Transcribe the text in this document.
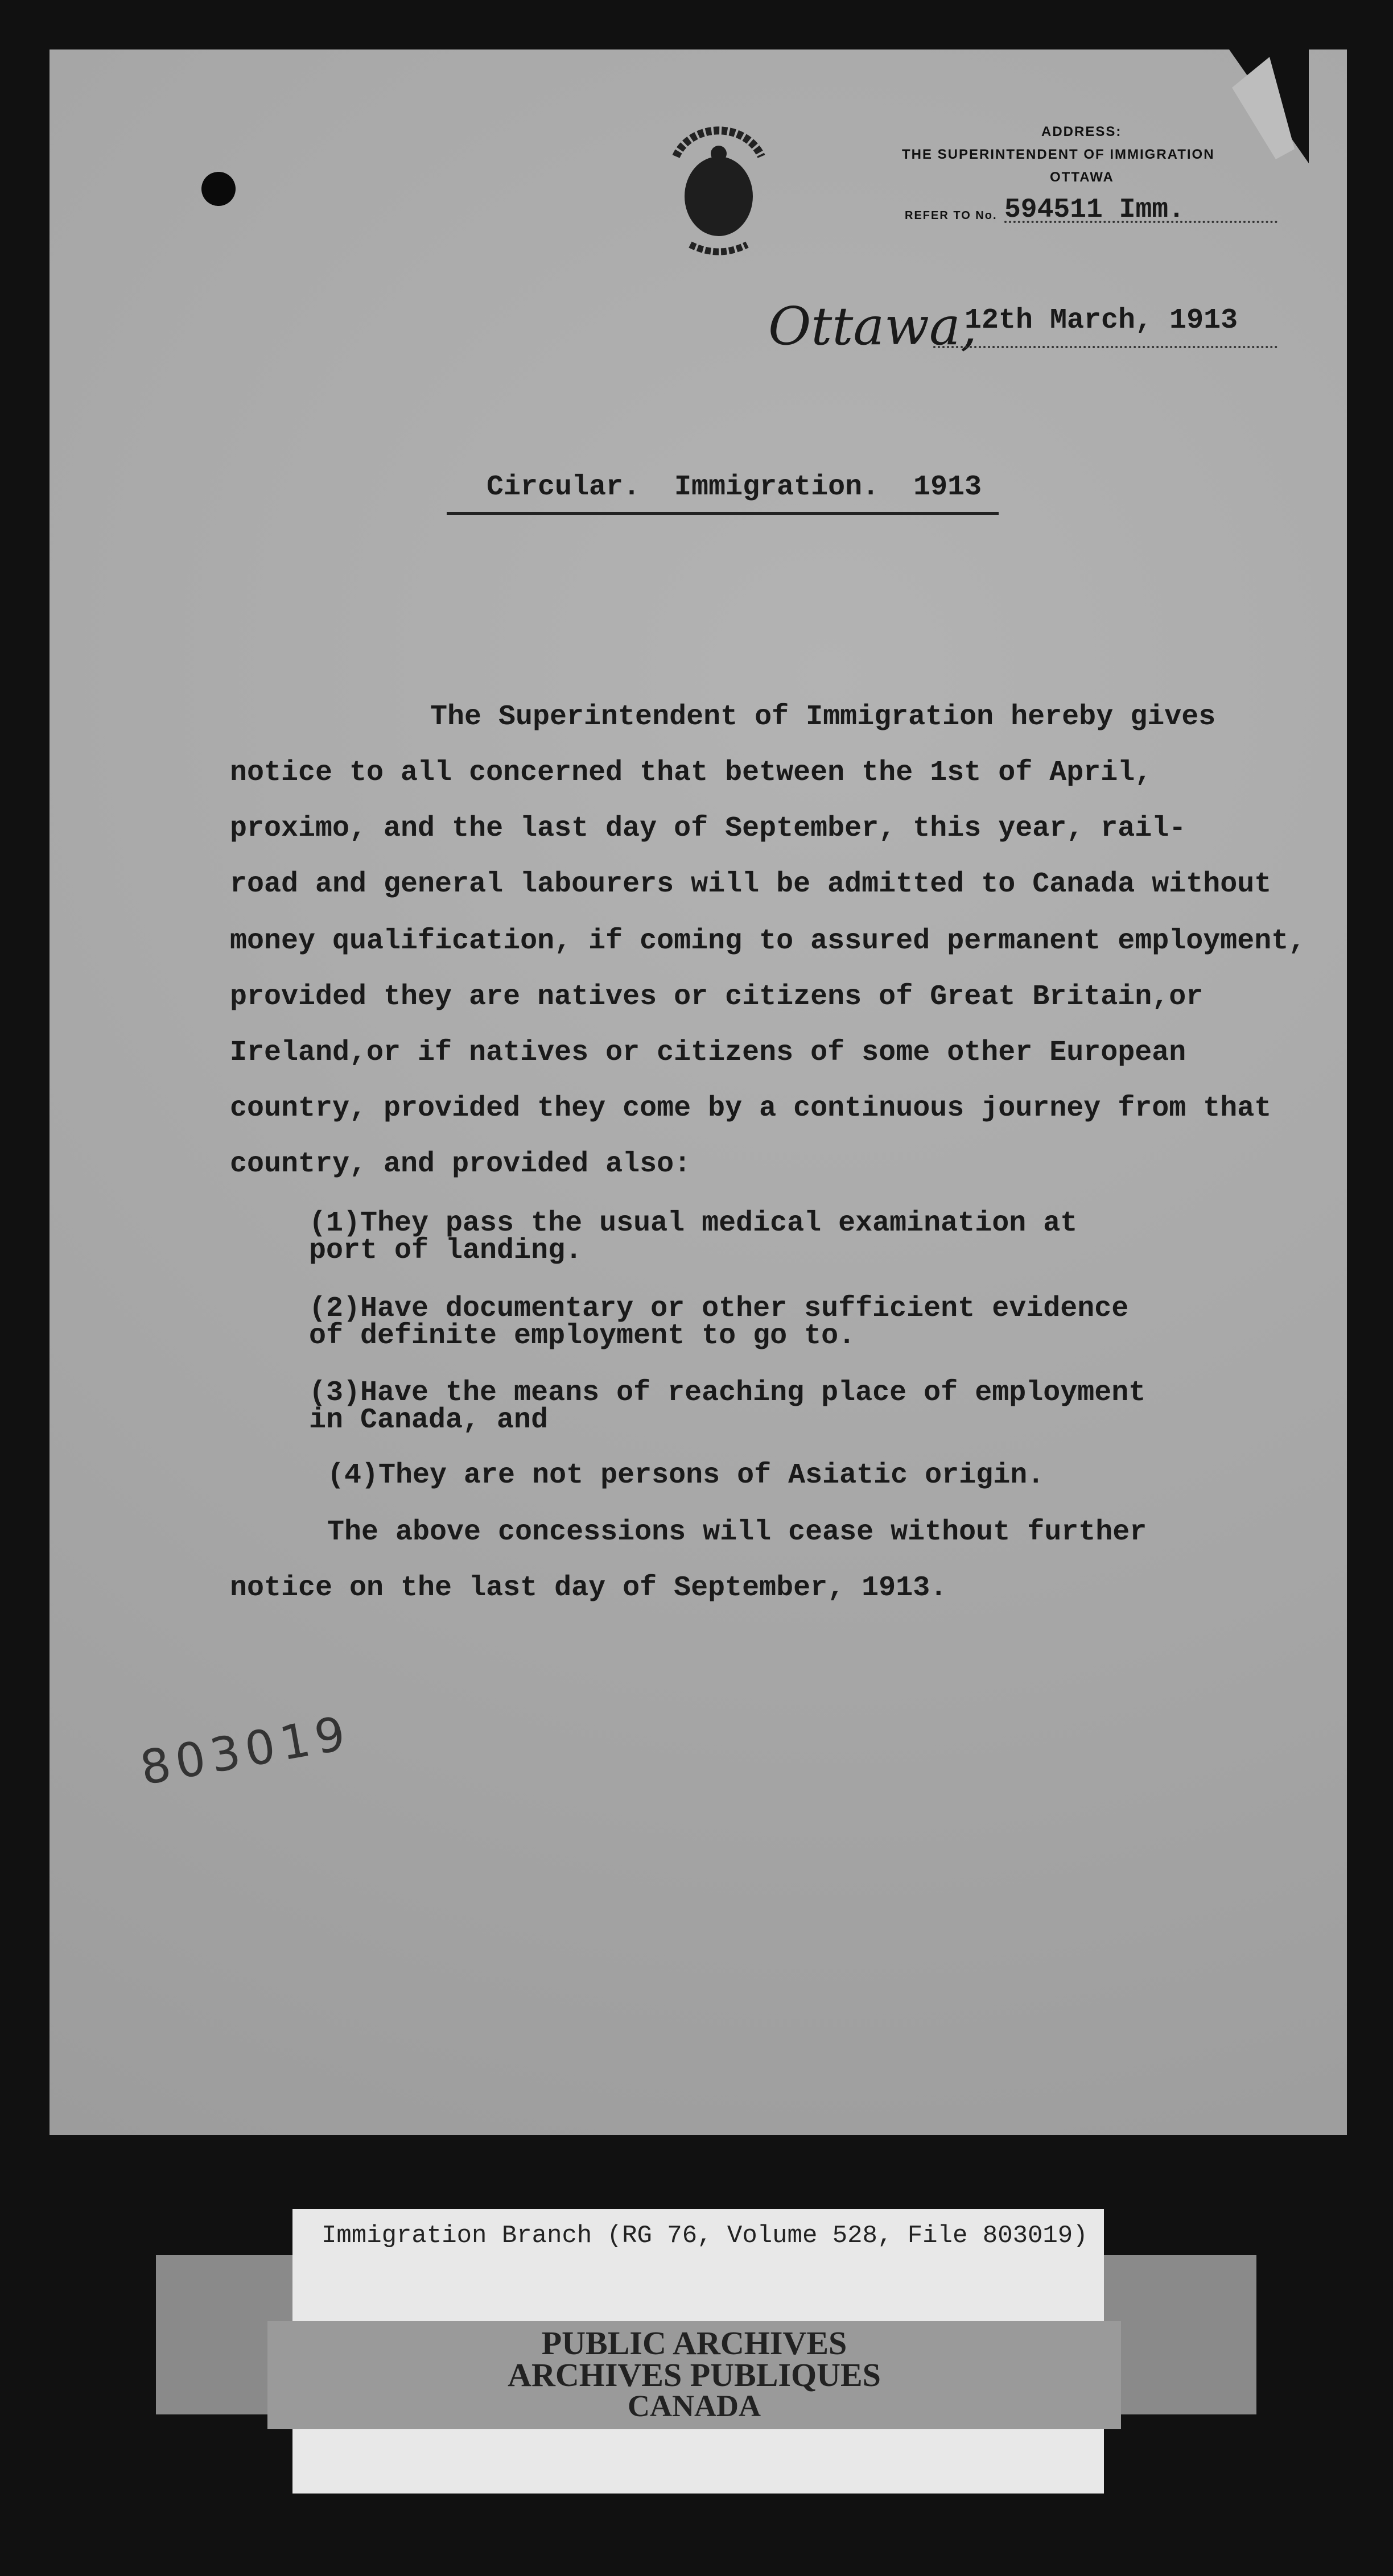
ADDRESS:
THE SUPERINTENDENT OF IMMIGRATION
OTTAWA
REFER TO No. 594511 Imm.
Ottawa,
12th March, 1913
Circular.  Immigration.  1913
The Superintendent of Immigration hereby gives
notice to all concerned that between the 1st of April,
proximo, and the last day of September, this year, rail-
road and general labourers will be admitted to Canada without
money qualification, if coming to assured permanent employment,
provided they are natives or citizens of Great Britain,or
Ireland,or if natives or citizens of some other European
country, provided they come by a continuous journey from that
country, and provided also:
(1)They pass the usual medical examination at
port of landing.
(2)Have documentary or other sufficient evidence
of definite employment to go to.
(3)Have the means of reaching place of employment
in Canada, and
(4)They are not persons of Asiatic origin.
The above concessions will cease without further
notice on the last day of September, 1913.
803019
Immigration Branch (RG 76, Volume 528, File 803019)
PUBLIC ARCHIVES
ARCHIVES PUBLIQUES
CANADA
